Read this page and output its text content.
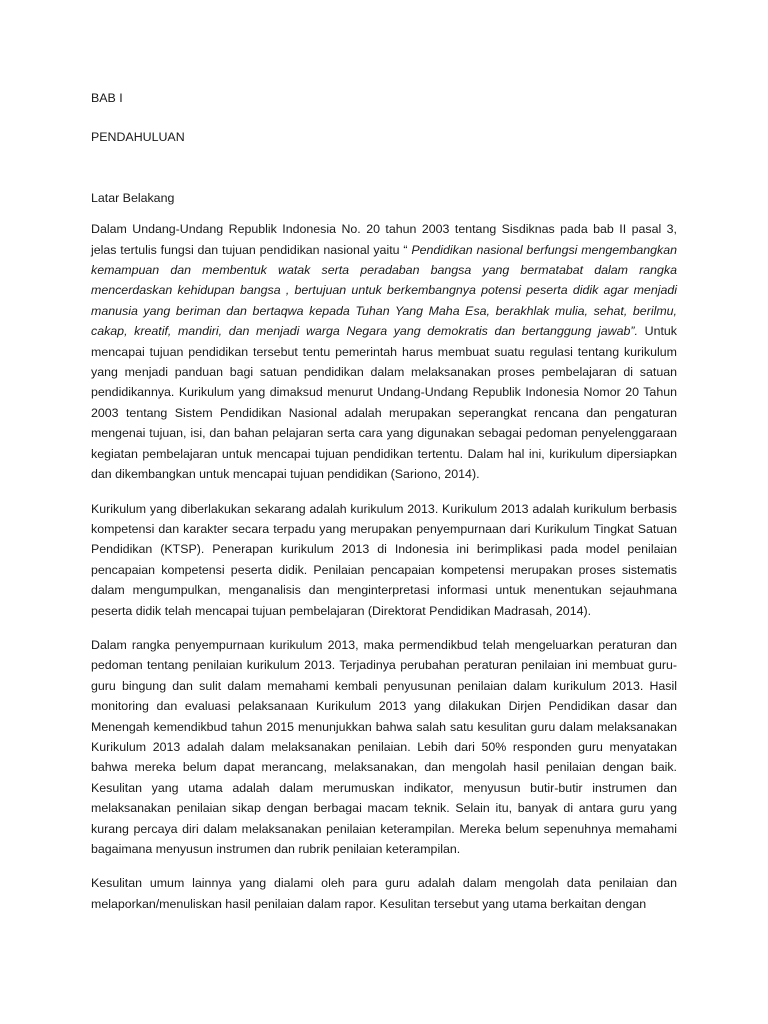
BAB I
PENDAHULUAN
Latar Belakang

Dalam Undang-Undang Republik Indonesia No. 20 tahun 2003 tentang Sisdiknas pada bab II pasal 3, jelas tertulis fungsi dan tujuan pendidikan nasional yaitu “ Pendidikan nasional berfungsi mengembangkan kemampuan dan membentuk watak serta peradaban bangsa yang bermatabat dalam rangka mencerdaskan kehidupan bangsa , bertujuan untuk berkembangnya potensi peserta didik agar menjadi manusia yang beriman dan bertaqwa kepada Tuhan Yang Maha Esa, berakhlak mulia, sehat, berilmu, cakap, kreatif, mandiri, dan menjadi warga Negara yang demokratis dan bertanggung jawab”. Untuk mencapai tujuan pendidikan tersebut tentu pemerintah harus membuat suatu regulasi tentang kurikulum yang menjadi panduan bagi satuan pendidikan dalam melaksanakan proses pembelajaran di satuan pendidikannya. Kurikulum yang dimaksud menurut Undang-Undang Republik Indonesia Nomor 20 Tahun 2003 tentang Sistem Pendidikan Nasional adalah merupakan seperangkat rencana dan pengaturan mengenai tujuan, isi, dan bahan pelajaran serta cara yang digunakan sebagai pedoman penyelenggaraan kegiatan pembelajaran untuk mencapai tujuan pendidikan tertentu. Dalam hal ini, kurikulum dipersiapkan dan dikembangkan untuk mencapai tujuan pendidikan (Sariono, 2014).

Kurikulum yang diberlakukan sekarang adalah kurikulum 2013. Kurikulum 2013 adalah kurikulum berbasis kompetensi dan karakter secara terpadu yang merupakan penyempurnaan dari Kurikulum Tingkat Satuan Pendidikan (KTSP). Penerapan kurikulum 2013 di Indonesia ini berimplikasi pada model penilaian pencapaian kompetensi peserta didik. Penilaian pencapaian kompetensi merupakan proses sistematis dalam mengumpulkan, menganalisis dan menginterpretasi informasi untuk menentukan sejauhmana peserta didik telah mencapai tujuan pembelajaran (Direktorat Pendidikan Madrasah, 2014).

Dalam rangka penyempurnaan kurikulum 2013, maka permendikbud telah mengeluarkan peraturan dan pedoman tentang penilaian kurikulum 2013. Terjadinya perubahan peraturan penilaian ini membuat guru-guru bingung dan sulit dalam memahami kembali penyusunan penilaian dalam kurikulum 2013. Hasil monitoring dan evaluasi pelaksanaan Kurikulum 2013 yang dilakukan Dirjen Pendidikan dasar dan Menengah kemendikbud tahun 2015 menunjukkan bahwa salah satu kesulitan guru dalam melaksanakan Kurikulum 2013 adalah dalam melaksanakan penilaian. Lebih dari 50% responden guru menyatakan bahwa mereka belum dapat merancang, melaksanakan, dan mengolah hasil penilaian dengan baik. Kesulitan yang utama adalah dalam merumuskan indikator, menyusun butir-butir instrumen dan melaksanakan penilaian sikap dengan berbagai macam teknik. Selain itu, banyak di antara guru yang kurang percaya diri dalam melaksanakan penilaian keterampilan. Mereka belum sepenuhnya memahami bagaimana menyusun instrumen dan rubrik penilaian keterampilan.

Kesulitan umum lainnya yang dialami oleh para guru adalah dalam mengolah data penilaian dan melaporkan/menuliskan hasil penilaian dalam rapor. Kesulitan tersebut yang utama berkaitan dengan
